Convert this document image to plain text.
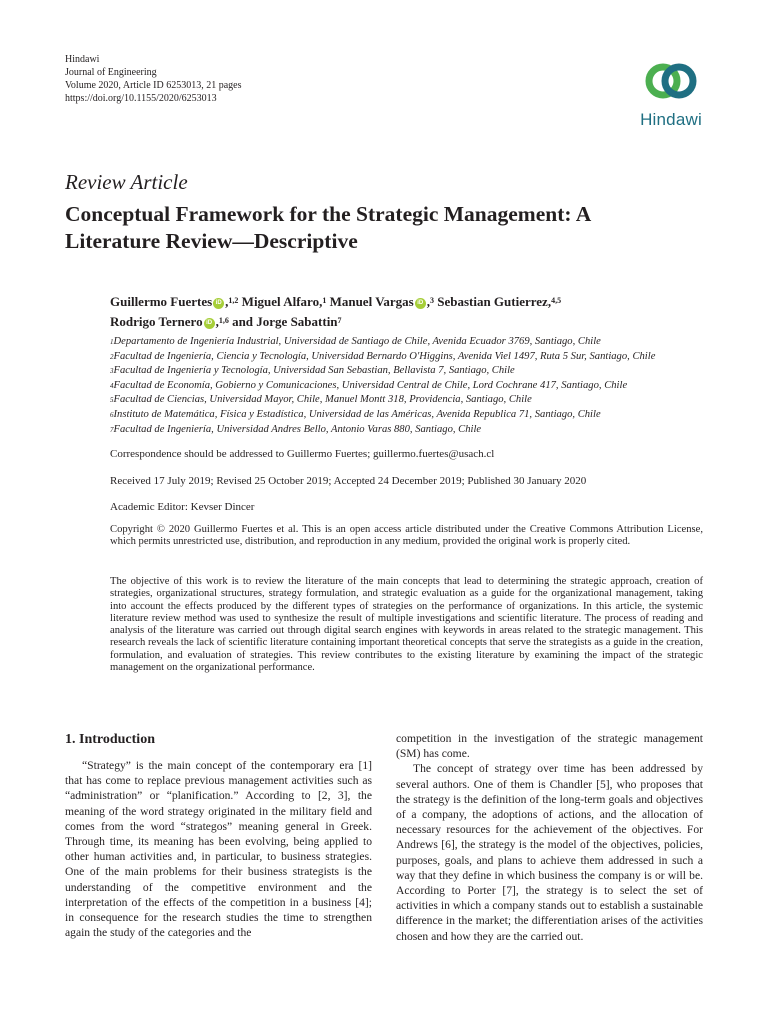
Hindawi
Journal of Engineering
Volume 2020, Article ID 6253013, 21 pages
https://doi.org/10.1155/2020/6253013
Hindawi
Review Article
Conceptual Framework for the Strategic Management: A Literature Review—Descriptive
Guillermo Fuertes iD ,$^{1,2}$ Miguel Alfaro,$^1$ Manuel Vargas iD ,$^3$ Sebastian Gutierrez,$^{4,5}$
Rodrigo Ternero iD ,$^{1,6}$ and Jorge Sabattin$^7$
$^1$Departamento de Ingeniería Industrial, Universidad de Santiago de Chile, Avenida Ecuador 3769, Santiago, Chile
$^2$Facultad de Ingeniería, Ciencia y Tecnología, Universidad Bernardo O'Higgins, Avenida Viel 1497, Ruta 5 Sur, Santiago, Chile
$^3$Facultad de Ingeniería y Tecnología, Universidad San Sebastian, Bellavista 7, Santiago, Chile
$^4$Facultad de Economía, Gobierno y Comunicaciones, Universidad Central de Chile, Lord Cochrane 417, Santiago, Chile
$^5$Facultad de Ciencias, Universidad Mayor, Chile, Manuel Montt 318, Providencia, Santiago, Chile
$^6$Instituto de Matemática, Física y Estadística, Universidad de las Américas, Avenida Republica 71, Santiago, Chile
$^7$Facultad de Ingeniería, Universidad Andres Bello, Antonio Varas 880, Santiago, Chile
Correspondence should be addressed to Guillermo Fuertes; guillermo.fuertes@usach.cl
Received 17 July 2019; Revised 25 October 2019; Accepted 24 December 2019; Published 30 January 2020
Academic Editor: Kevser Dincer
Copyright © 2020 Guillermo Fuertes et al. This is an open access article distributed under the Creative Commons Attribution License, which permits unrestricted use, distribution, and reproduction in any medium, provided the original work is properly cited.
The objective of this work is to review the literature of the main concepts that lead to determining the strategic approach, creation of strategies, organizational structures, strategy formulation, and strategic evaluation as a guide for the organizational management, taking into account the effects produced by the different types of strategies on the performance of organizations. In this article, the systemic literature review method was used to synthesize the result of multiple investigations and scientific literature. The process of reading and analysis of the literature was carried out through digital search engines with keywords in areas related to the strategic management. This research reveals the lack of scientific literature containing important theoretical concepts that serve the strategists as a guide in the creation, formulation, and evaluation of strategies. This review contributes to the existing literature by examining the impact of the strategic management on the organizational performance.
1. Introduction

“Strategy” is the main concept of the contemporary era [1] that has come to replace previous management activities such as “administration” or “planification.” According to [2, 3], the meaning of the word strategy originated in the military field and comes from the word “strategos” meaning general in Greek. Through time, its meaning has been evolving, being applied to other human activities and, in particular, to business strategies. One of the main problems for their business strategists is the understanding of the competitive environment and the interpretation of the effects of the competition in a business [4]; in consequence for the research studies the time to strengthen again the study of the categories and the

competition in the investigation of the strategic management (SM) has come.

The concept of strategy over time has been addressed by several authors. One of them is Chandler [5], who proposes that the strategy is the definition of the long-term goals and objectives of a company, the adoptions of actions, and the allocation of necessary resources for the achievement of the objectives. For Andrews [6], the strategy is the model of the objectives, policies, purposes, goals, and plans to achieve them addressed in such a way that they define in which business the company is or will be. According to Porter [7], the strategy is to select the set of activities in which a company stands out to establish a sustainable difference in the market; the differentiation arises of the activities chosen and how they are the carried out.
